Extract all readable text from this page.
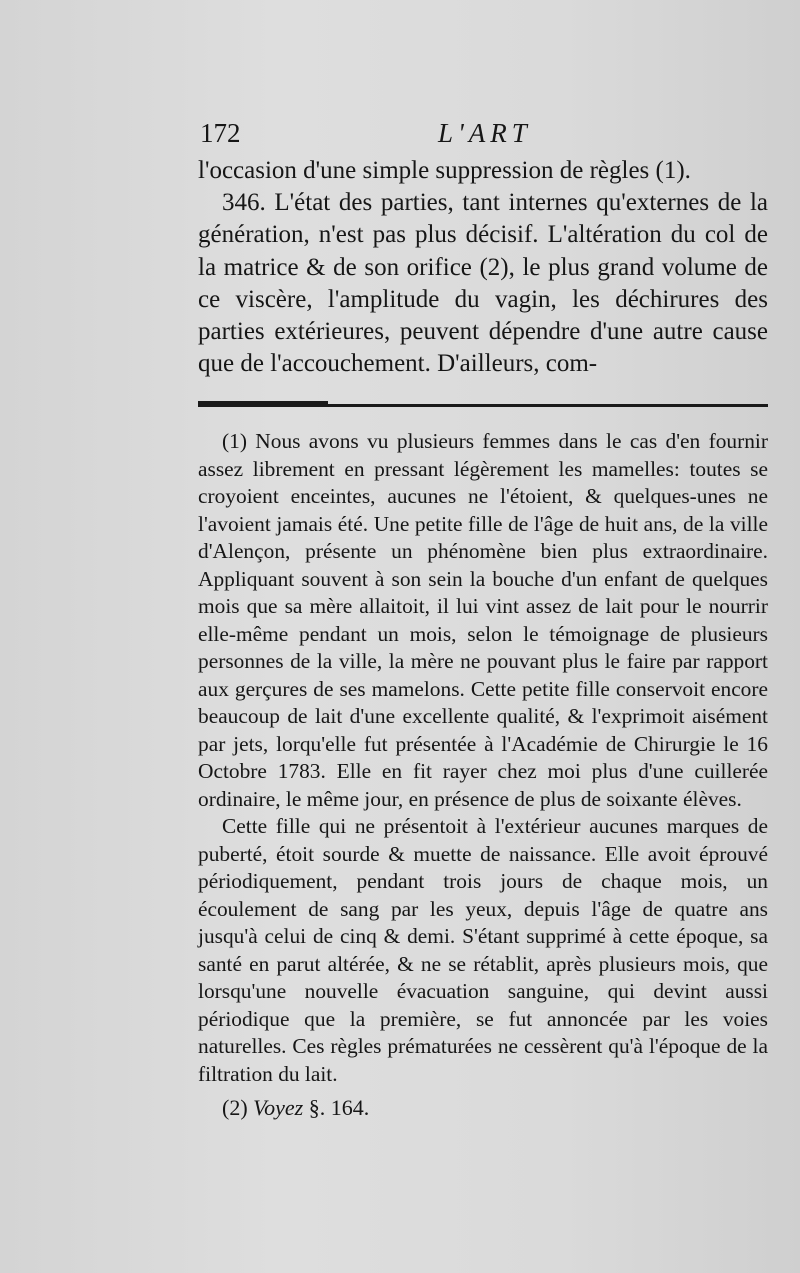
172	L'ART

l'occasion d'une simple suppression de règles (1).

346. L'état des parties, tant internes qu'externes de la génération, n'est pas plus décisif. L'altération du col de la matrice & de son orifice (2), le plus grand volume de ce viscère, l'amplitude du vagin, les déchirures des parties extérieures, peuvent dépendre d'une autre cause que de l'accouchement. D'ailleurs, com-

(1) Nous avons vu plusieurs femmes dans le cas d'en fournir assez librement en pressant légèrement les mamelles: toutes se croyoient enceintes, aucunes ne l'étoient, & quelques-unes ne l'avoient jamais été. Une petite fille de l'âge de huit ans, de la ville d'Alençon, présente un phénomène bien plus extraordinaire. Appliquant souvent à son sein la bouche d'un enfant de quelques mois que sa mère allaitoit, il lui vint assez de lait pour le nourrir elle-même pendant un mois, selon le témoignage de plusieurs personnes de la ville, la mère ne pouvant plus le faire par rapport aux gerçures de ses mamelons. Cette petite fille conservoit encore beaucoup de lait d'une excellente qualité, & l'exprimoit aisément par jets, lorqu'elle fut présentée à l'Académie de Chirurgie le 16 Octobre 1783. Elle en fit rayer chez moi plus d'une cuillerée ordinaire, le même jour, en présence de plus de soixante élèves.

Cette fille qui ne présentoit à l'extérieur aucunes marques de puberté, étoit sourde & muette de naissance. Elle avoit éprouvé périodiquement, pendant trois jours de chaque mois, un écoulement de sang par les yeux, depuis l'âge de quatre ans jusqu'à celui de cinq & demi. S'étant supprimé à cette époque, sa santé en parut altérée, & ne se rétablit, après plusieurs mois, que lorsqu'une nouvelle évacuation sanguine, qui devint aussi périodique que la première, se fut annoncée par les voies naturelles. Ces règles prématurées ne cessèrent qu'à l'époque de la filtration du lait.

(2) Voyez §. 164.
